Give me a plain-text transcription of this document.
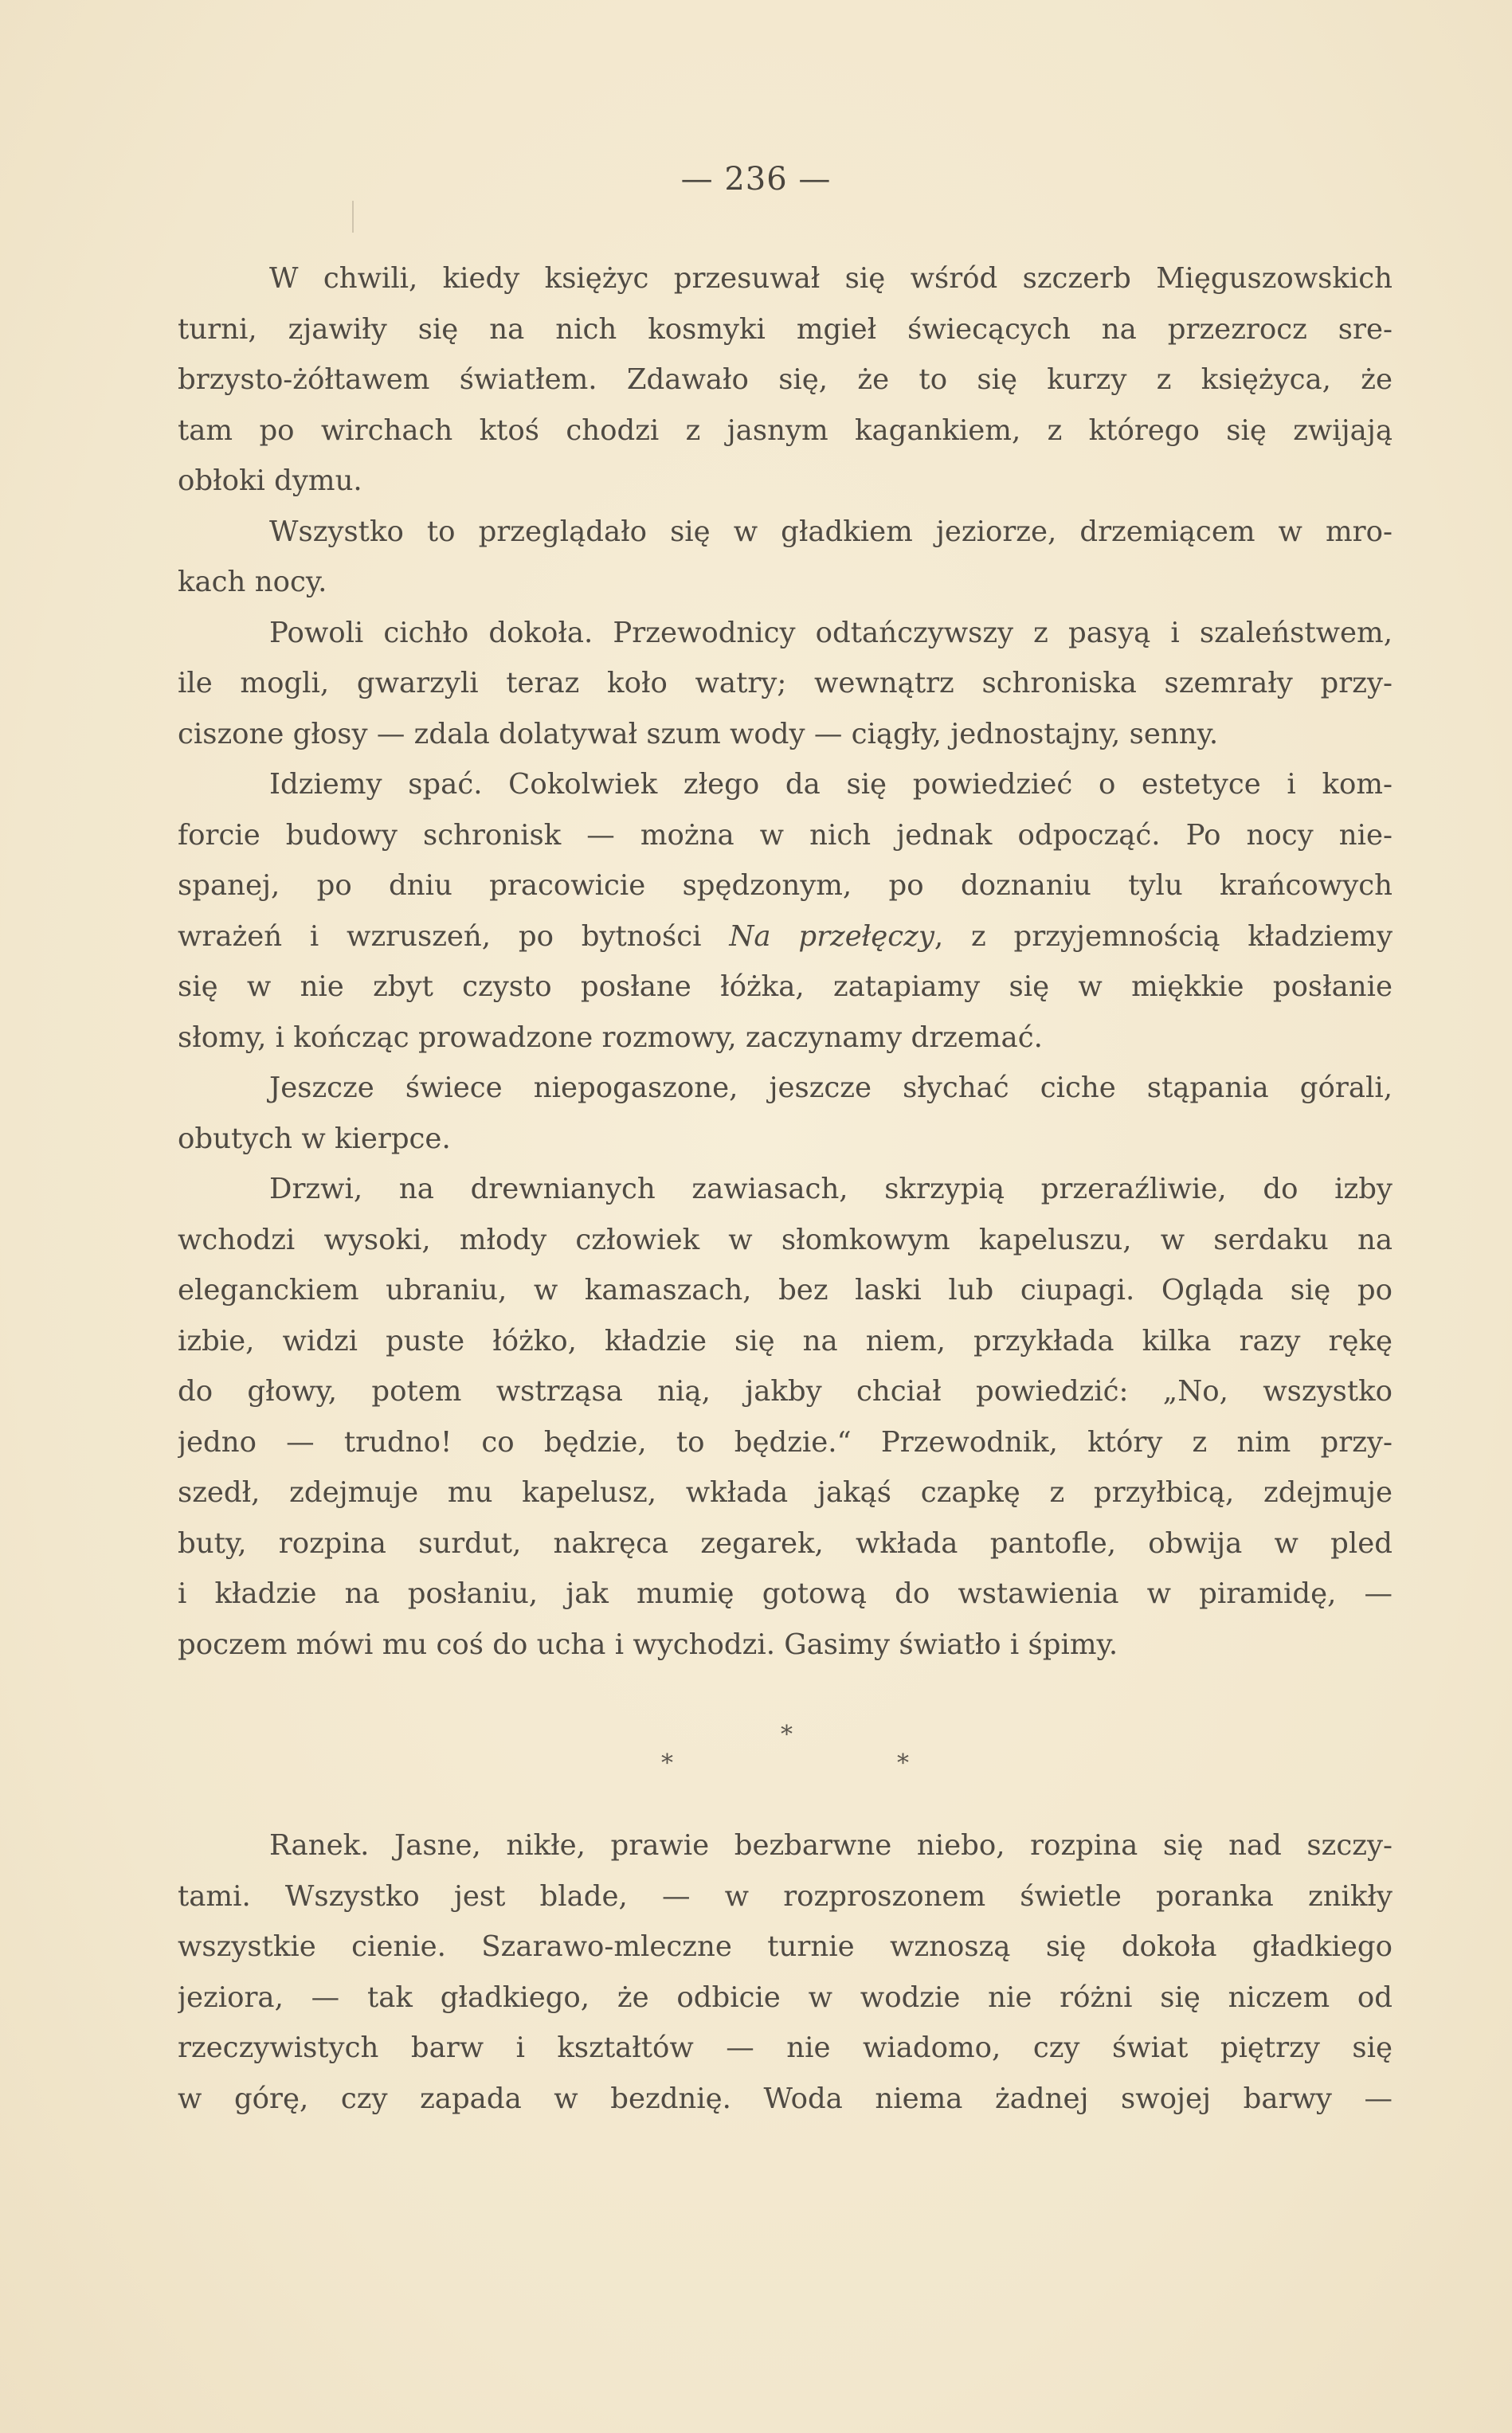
— 236 —
W chwili, kiedy księżyc przesuwał się wśród szczerb Mięguszowskich
turni, zjawiły się na nich kosmyki mgieł świecących na przezrocz sre-
brzysto-żółtawem światłem. Zdawało się, że to się kurzy z księżyca, że
tam po wirchach ktoś chodzi z jasnym kagankiem, z którego się zwijają
obłoki dymu.
Wszystko to przeglądało się w gładkiem jeziorze, drzemiącem w mro-
kach nocy.
Powoli cichło dokoła. Przewodnicy odtańczywszy z pasyą i szaleństwem,
ile mogli, gwarzyli teraz koło watry; wewnątrz schroniska szemrały przy-
ciszone głosy — zdala dolatywał szum wody — ciągły, jednostajny, senny.
Idziemy spać. Cokolwiek złego da się powiedzieć o estetyce i kom-
forcie budowy schronisk — można w nich jednak odpocząć. Po nocy nie-
spanej, po dniu pracowicie spędzonym, po doznaniu tylu krańcowych
wrażeń i wzruszeń, po bytności Na przełęczy, z przyjemnością kładziemy
się w nie zbyt czysto posłane łóżka, zatapiamy się w miękkie posłanie
słomy, i kończąc prowadzone rozmowy, zaczynamy drzemać.
Jeszcze świece niepogaszone, jeszcze słychać ciche stąpania górali,
obutych w kierpce.
Drzwi, na drewnianych zawiasach, skrzypią przeraźliwie, do izby
wchodzi wysoki, młody człowiek w słomkowym kapeluszu, w serdaku na
eleganckiem ubraniu, w kamaszach, bez laski lub ciupagi. Ogląda się po
izbie, widzi puste łóżko, kładzie się na niem, przykłada kilka razy rękę
do głowy, potem wstrząsa nią, jakby chciał powiedzić: „No, wszystko
jedno — trudno! co będzie, to będzie.“ Przewodnik, który z nim przy-
szedł, zdejmuje mu kapelusz, wkłada jakąś czapkę z przyłbicą, zdejmuje
buty, rozpina surdut, nakręca zegarek, wkłada pantofle, obwija w pled
i kładzie na posłaniu, jak mumię gotową do wstawienia w piramidę, —
poczem mówi mu coś do ucha i wychodzi. Gasimy światło i śpimy.
*
*	*
Ranek. Jasne, nikłe, prawie bezbarwne niebo, rozpina się nad szczy-
tami. Wszystko jest blade, — w rozproszonem świetle poranka znikły
wszystkie cienie. Szarawo-mleczne turnie wznoszą się dokoła gładkiego
jeziora, — tak gładkiego, że odbicie w wodzie nie różni się niczem od
rzeczywistych barw i kształtów — nie wiadomo, czy świat piętrzy się
w górę, czy zapada w bezdnię. Woda niema żadnej swojej barwy —
